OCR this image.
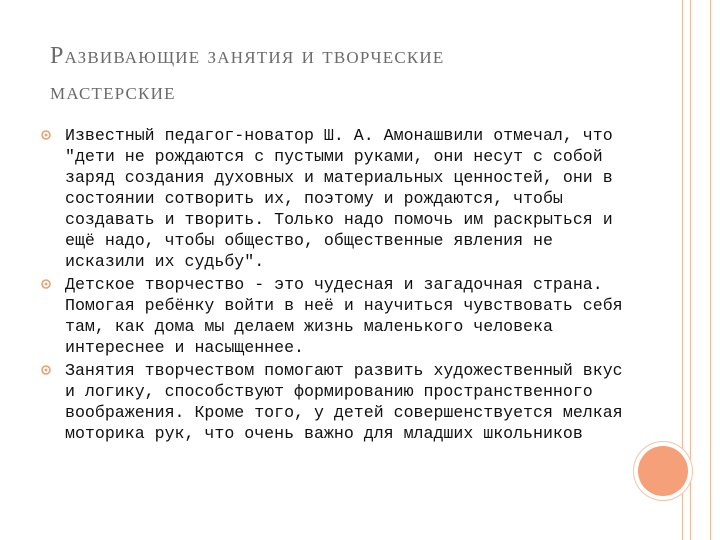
Развивающие занятия и творческие
мастерские
Известный педагог-новатор Ш. А. Амонашвили отмечал, что "дети не рождаются с пустыми руками, они несут с собой заряд создания духовных и материальных ценностей, они в состоянии сотворить их, поэтому и рождаются, чтобы создавать и творить. Только надо помочь им раскрыться и ещё надо, чтобы общество, общественные явления не исказили их судьбу".
Детское творчество - это чудесная и загадочная страна. Помогая ребёнку войти в неё и научиться чувствовать себя там, как дома мы делаем жизнь маленького человека интереснее и насыщеннее.
Занятия творчеством помогают развить художественный вкус и логику, способствуют формированию пространственного воображения. Кроме того, у детей совершенствуется мелкая моторика рук, что очень важно для младших школьников
